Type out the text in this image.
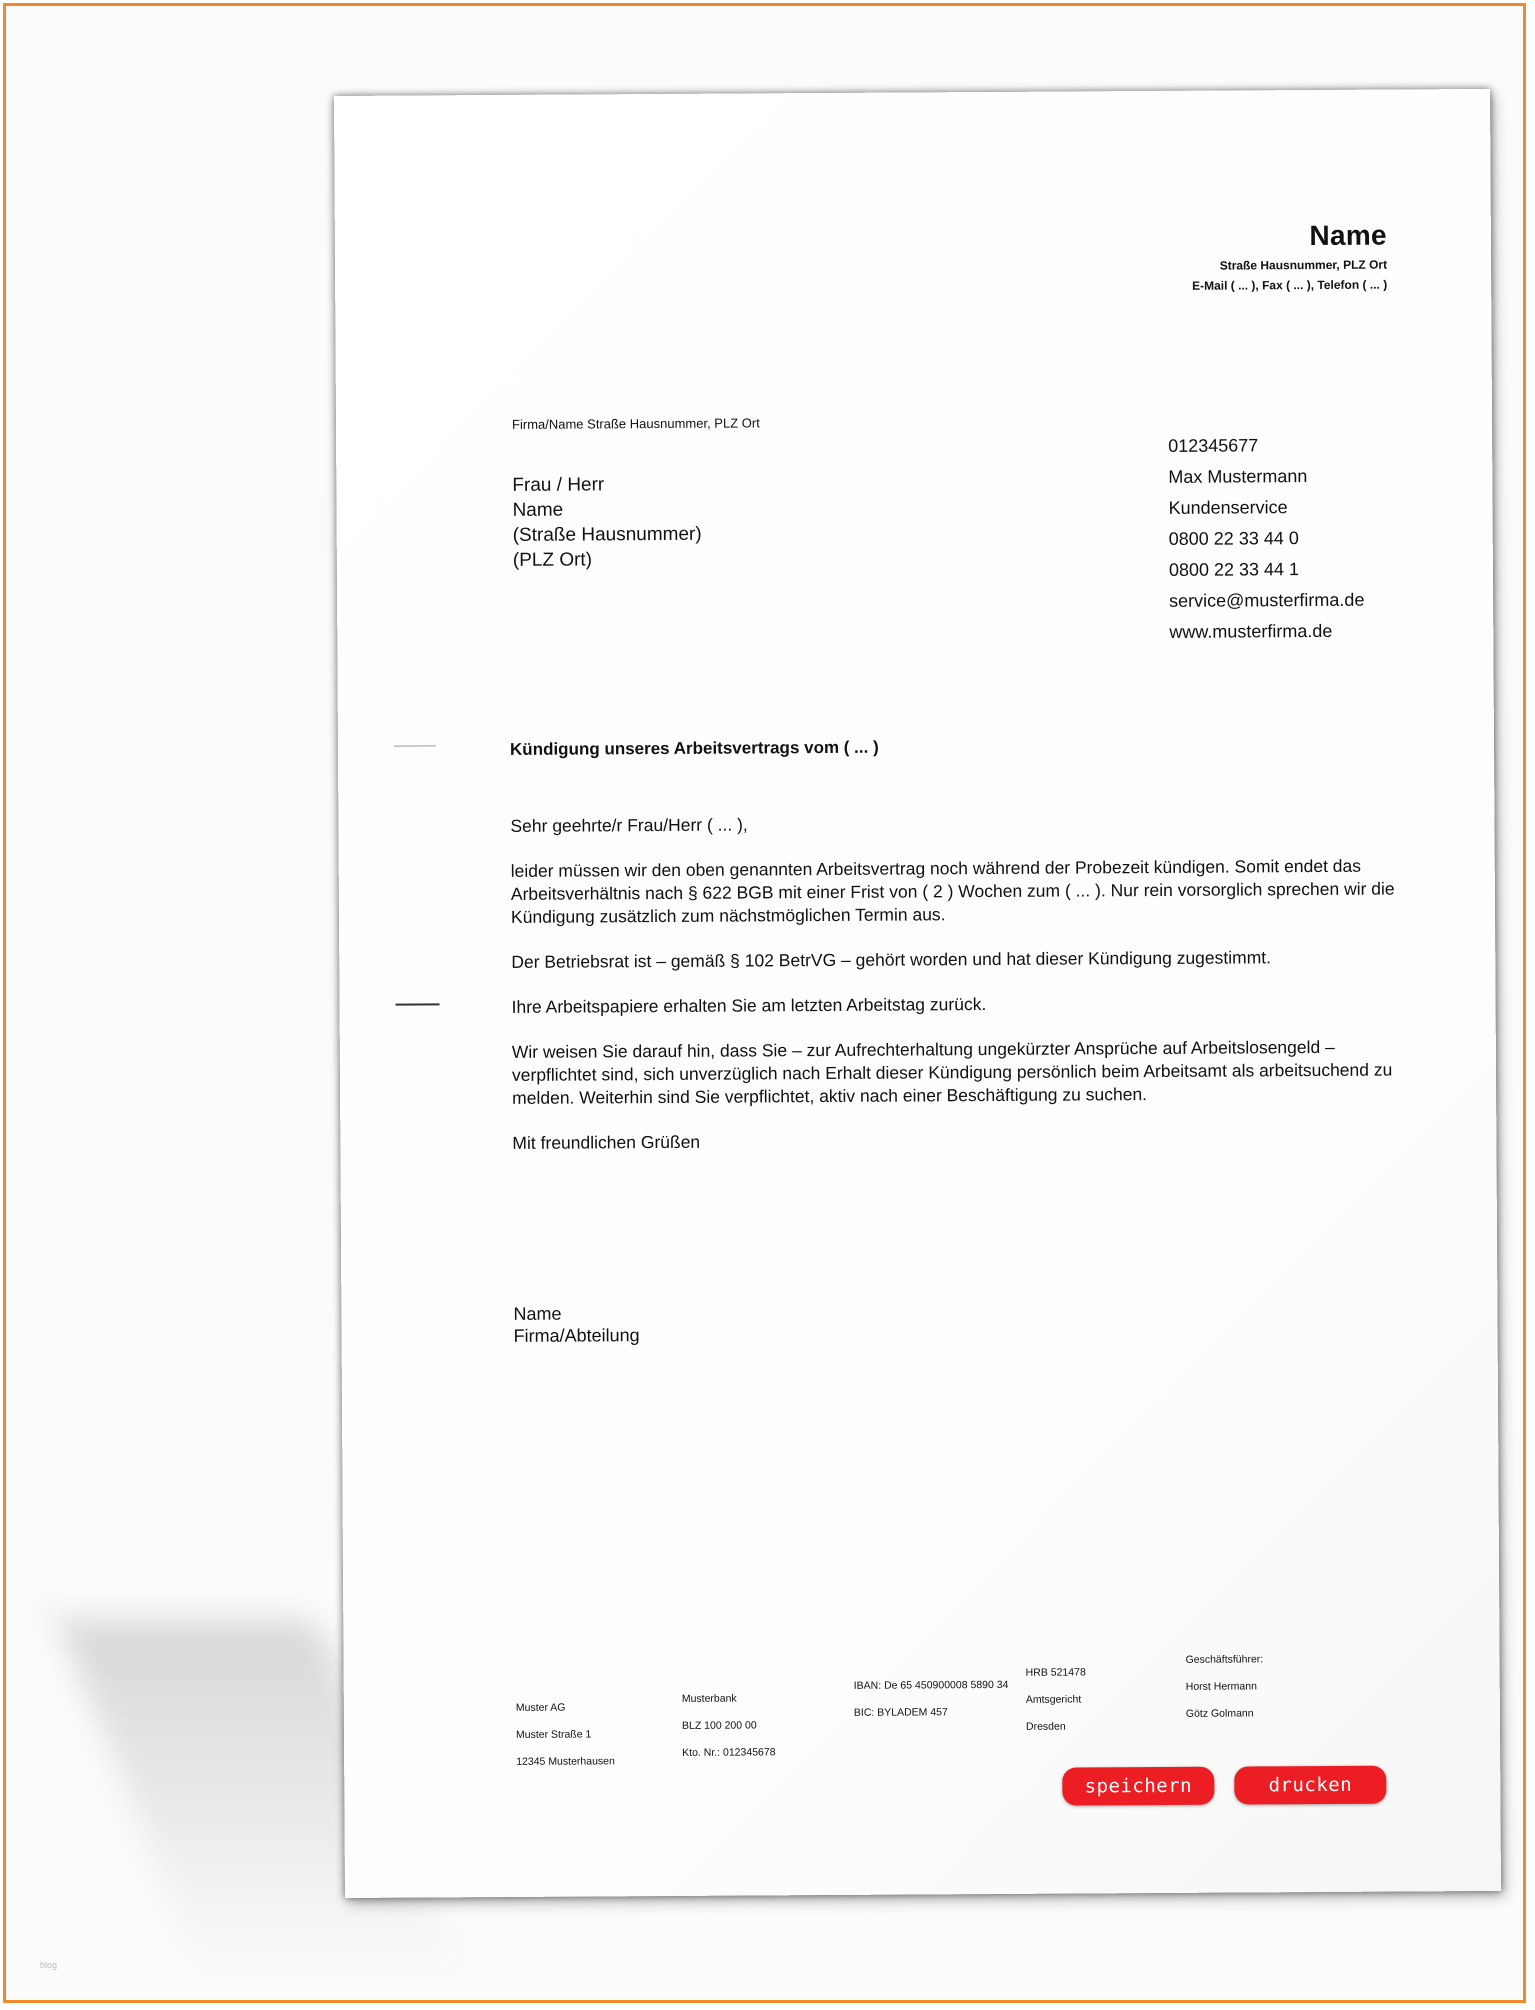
Name
Straße Hausnummer, PLZ Ort
E-Mail ( ... ), Fax ( ... ), Telefon ( ... )
Firma/Name Straße Hausnummer, PLZ Ort
Frau / Herr
Name
(Straße Hausnummer)
(PLZ Ort)
012345677
Max Mustermann
Kundenservice
0800 22 33 44 0
0800 22 33 44 1
service@musterfirma.de
www.musterfirma.de
Kündigung unseres Arbeitsvertrags vom ( ... )

Sehr geehrte/r Frau/Herr ( ... ),

leider müssen wir den oben genannten Arbeitsvertrag noch während der Probezeit kündigen. Somit endet das Arbeitsverhältnis nach § 622 BGB mit einer Frist von ( 2 ) Wochen zum ( ... ). Nur rein vorsorglich sprechen wir die Kündigung zusätzlich zum nächstmöglichen Termin aus.

Der Betriebsrat ist – gemäß § 102 BetrVG – gehört worden und hat dieser Kündigung zugestimmt.

Ihre Arbeitspapiere erhalten Sie am letzten Arbeitstag zurück.

Wir weisen Sie darauf hin, dass Sie – zur Aufrechterhaltung ungekürzter Ansprüche auf Arbeitslosengeld – verpflichtet sind, sich unverzüglich nach Erhalt dieser Kündigung persönlich beim Arbeitsamt als arbeitsuchend zu melden. Weiterhin sind Sie verpflichtet, aktiv nach einer Beschäftigung zu suchen.

Mit freundlichen Grüßen

Name
Firma/Abteilung
Muster AG
Muster Straße 1
12345 Musterhausen
Musterbank
BLZ 100 200 00
Kto. Nr.: 012345678
IBAN: De 65 450900008 5890 34
BIC: BYLADEM 457
HRB 521478
Amtsgericht
Dresden
Geschäftsführer:
Horst Hermann
Götz Golmann
speichern	drucken
blog
